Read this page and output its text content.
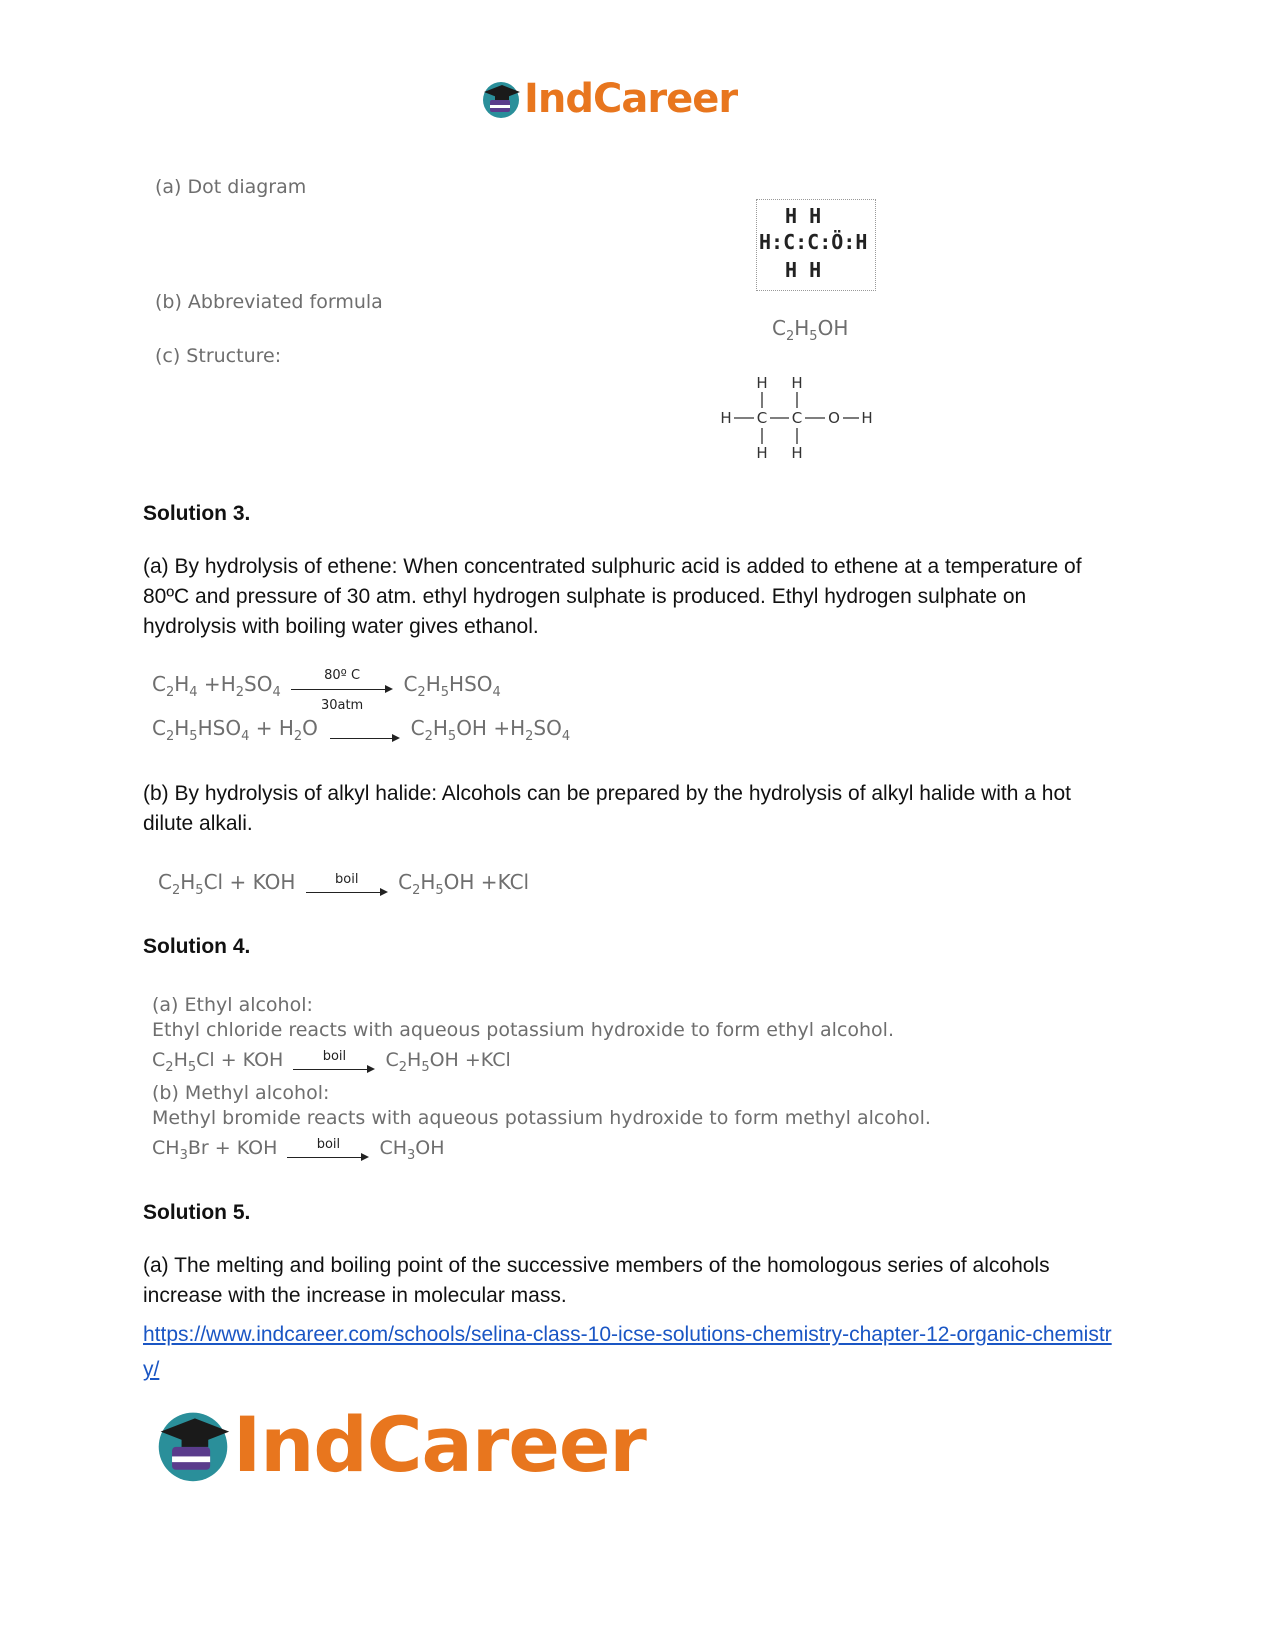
IndCareer
(a) Dot diagram
(b) Abbreviated formula
(c) Structure:
H H
H:C:C:Ö:H
H H
$C_2H_5OH$
H H
H C C O H
H H
Solution 3.
(a) By hydrolysis of ethene: When concentrated sulphuric acid is added to ethene at a temperature of 80ºC and pressure of 30 atm. ethyl hydrogen sulphate is produced. Ethyl hydrogen sulphate on hydrolysis with boiling water gives ethanol.
$C_2H_4 +H_2SO_4$
80º C
30atm
$C_2H_5HSO_4$
$C_2H_5HSO_4 + H_2O$	$C_2H_5OH +H_2SO_4$
(b) By hydrolysis of alkyl halide: Alcohols can be prepared by the hydrolysis of alkyl halide with a hot dilute alkali.
$C_2H_5Cl$ + KOH	boil	$C_2H_5OH +KCl$
Solution 4.
(a) Ethyl alcohol:
Ethyl chloride reacts with aqueous potassium hydroxide to form ethyl alcohol.
$C_2H_5Cl$ + KOH	boil	$C_2H_5OH +KCl$
(b) Methyl alcohol:
Methyl bromide reacts with aqueous potassium hydroxide to form methyl alcohol.
$CH_3Br$ + KOH	boil	$CH_3OH$
Solution 5.
(a) The melting and boiling point of the successive members of the homologous series of alcohols increase with the increase in molecular mass.
https://www.indcareer.com/schools/selina-class-10-icse-solutions-chemistry-chapter-12-organic-chemistry/
IndCareer
